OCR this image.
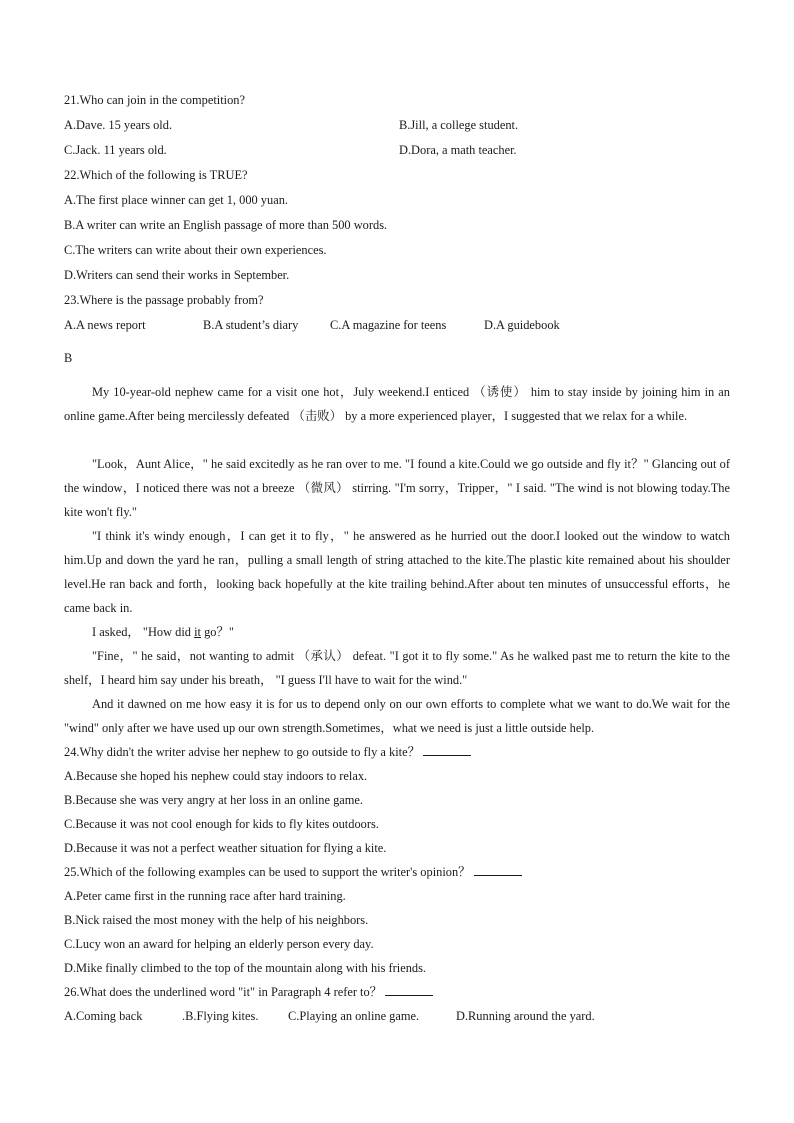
21.Who can join in the competition?
A.Dave. 15 years old.	B.Jill, a college student.
C.Jack. 11 years old.	D.Dora, a math teacher.
22.Which of the following is TRUE?
A.The first place winner can get 1, 000 yuan.
B.A writer can write an English passage of more than 500 words.
C.The writers can write about their own experiences.
D.Writers can send their works in September.
23.Where is the passage probably from?
A.A news report	B.A student’s diary	C.A magazine for teens	D.A guidebook
B
My 10-year-old nephew came for a visit one hot，July weekend.I enticed （诱使） him to stay inside by joining him in an online game.After being mercilessly defeated （击败） by a more experienced player，I suggested that we relax for a while.
"Look，Aunt Alice，" he said excitedly as he ran over to me. "I found a kite.Could we go outside and fly it？" Glancing out of the window，I noticed there was not a breeze （微风） stirring. "I'm sorry，Tripper，" I said. "The wind is not blowing today.The kite won't fly."
"I think it's windy enough，I can get it to fly，" he answered as he hurried out the door.I looked out the window to watch him.Up and down the yard he ran，pulling a small length of string attached to the kite.The plastic kite remained about his shoulder level.He ran back and forth，looking back hopefully at the kite trailing behind.After about ten minutes of unsuccessful efforts，he came back in.
I asked， "How did it go？"
"Fine，" he said，not wanting to admit （承认） defeat. "I got it to fly some." As he walked past me to return the kite to the shelf，I heard him say under his breath， "I guess I'll have to wait for the wind."
And it dawned on me how easy it is for us to depend only on our own efforts to complete what we want to do.We wait for the "wind" only after we have used up our own strength.Sometimes，what we need is just a little outside help.
24.Why didn't the writer advise her nephew to go outside to fly a kite？
A.Because she hoped his nephew could stay indoors to relax.
B.Because she was very angry at her loss in an online game.
C.Because it was not cool enough for kids to fly kites outdoors.
D.Because it was not a perfect weather situation for flying a kite.
25.Which of the following examples can be used to support the writer's opinion？
A.Peter came first in the running race after hard training.
B.Nick raised the most money with the help of his neighbors.
C.Lucy won an award for helping an elderly person every day.
D.Mike finally climbed to the top of the mountain along with his friends.
26.What does the underlined word "it" in Paragraph 4 refer to？
A.Coming back	.B.Flying kites. C.Playing an online game.	D.Running around the yard.
